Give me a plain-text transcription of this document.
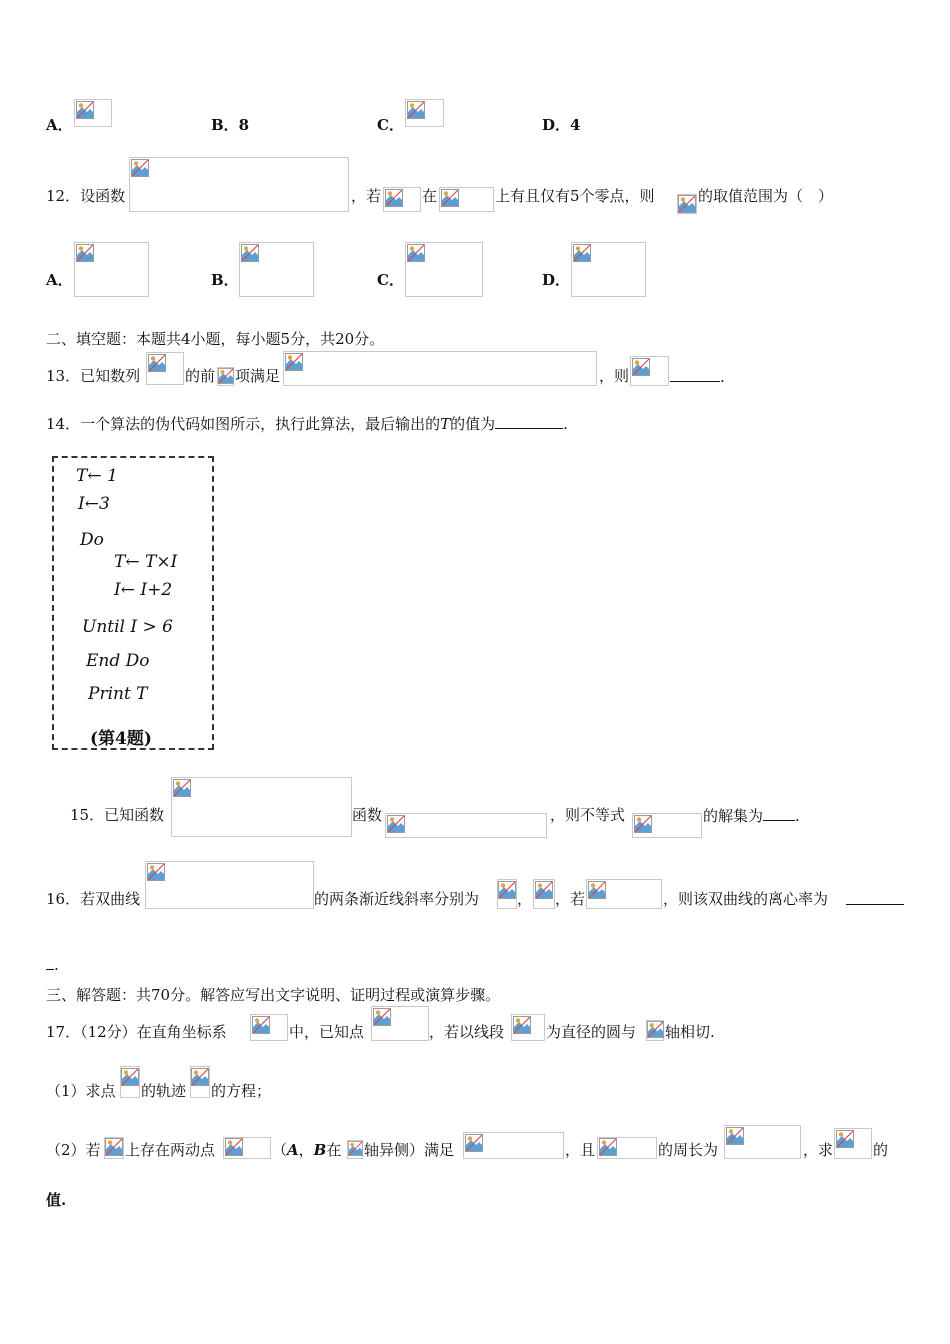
A．	B．8	C．	D．4
12．设函数	，若	在	上有且仅有5个零点，则	的取值范围为（　）
A．	B．	C．	D．
二、填空题：本题共4小题，每小题5分，共20分。
13．已知数列	的前 项满足	，则	.
14．一个算法的伪代码如图所示，执行此算法，最后输出的T的值为	.
T← 1
I←3
Do
T← T×I
I← I+2
Until I > 6
End Do
Print T
(第4题)
15．已知函数	函数	，则不等式	的解集为 .
16．若双曲线	的两条渐近线斜率分别为	， ，若	，则该双曲线的离心率为
.
三、解答题：共70分。解答应写出文字说明、证明过程或演算步骤。
17．（12分）在直角坐标系	中，已知点	，若以线段	为直径的圆与 轴相切.
（1）求点 的轨迹 的方程；
（2）若 上存在两动点	（A，B在 轴异侧）满足	，且	的周长为	，求	的
值.
